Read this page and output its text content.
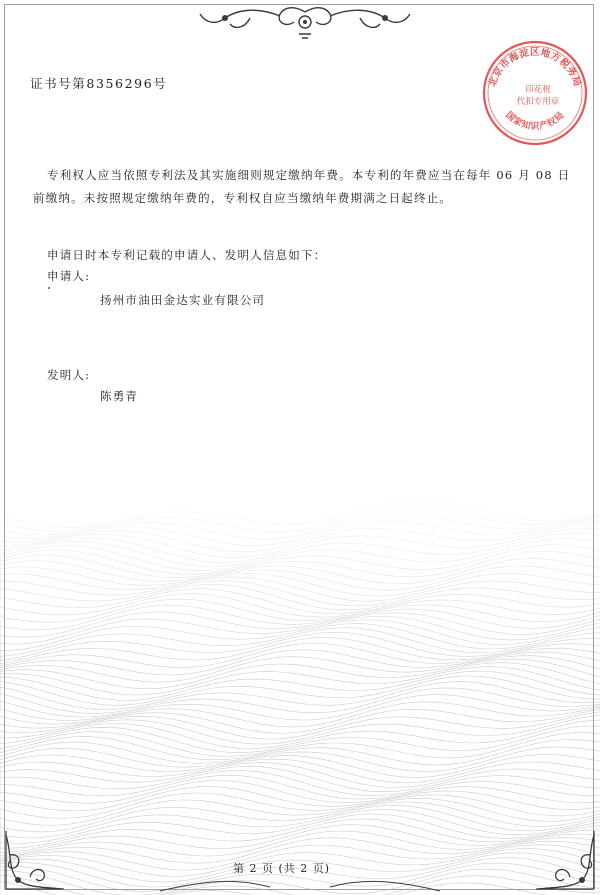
北京市海淀区地方税务局
印花税
代扣专用章
国家知识产权局
证书号第8356296号
专利权人应当依照专利法及其实施细则规定缴纳年费。本专利的年费应当在每年 06 月 08 日
前缴纳。未按照规定缴纳年费的，专利权自应当缴纳年费期满之日起终止。
申请日时本专利记载的申请人、发明人信息如下：
申请人:
扬州市油田金达实业有限公司
发明人:
陈勇青
第 2 页 (共 2 页)
